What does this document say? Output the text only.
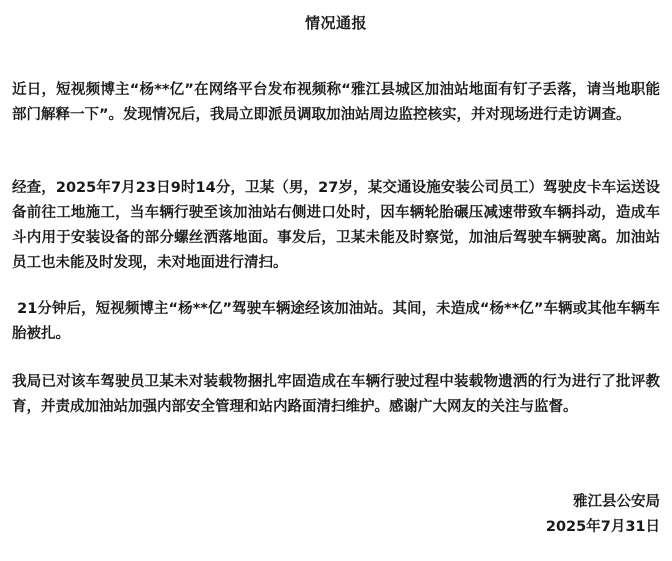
情况通报
近日，短视频博主“杨**亿”在网络平台发布视频称“雅江县城区加油站地面有钉子丢落，请当地职能部门解释一下”。发现情况后，我局立即派员调取加油站周边监控核实，并对现场进行走访调查。
经查，2025年7月23日9时14分，卫某（男，27岁，某交通设施安装公司员工）驾驶皮卡车运送设备前往工地施工，当车辆行驶至该加油站右侧进口处时，因车辆轮胎碾压减速带致车辆抖动，造成车斗内用于安装设备的部分螺丝洒落地面。事发后，卫某未能及时察觉，加油后驾驶车辆驶离。加油站员工也未能及时发现，未对地面进行清扫。
21分钟后，短视频博主“杨**亿”驾驶车辆途经该加油站。其间，未造成“杨**亿”车辆或其他车辆车胎被扎。
我局已对该车驾驶员卫某未对装载物捆扎牢固造成在车辆行驶过程中装载物遗洒的行为进行了批评教育，并责成加油站加强内部安全管理和站内路面清扫维护。感谢广大网友的关注与监督。
雅江县公安局
2025年7月31日
